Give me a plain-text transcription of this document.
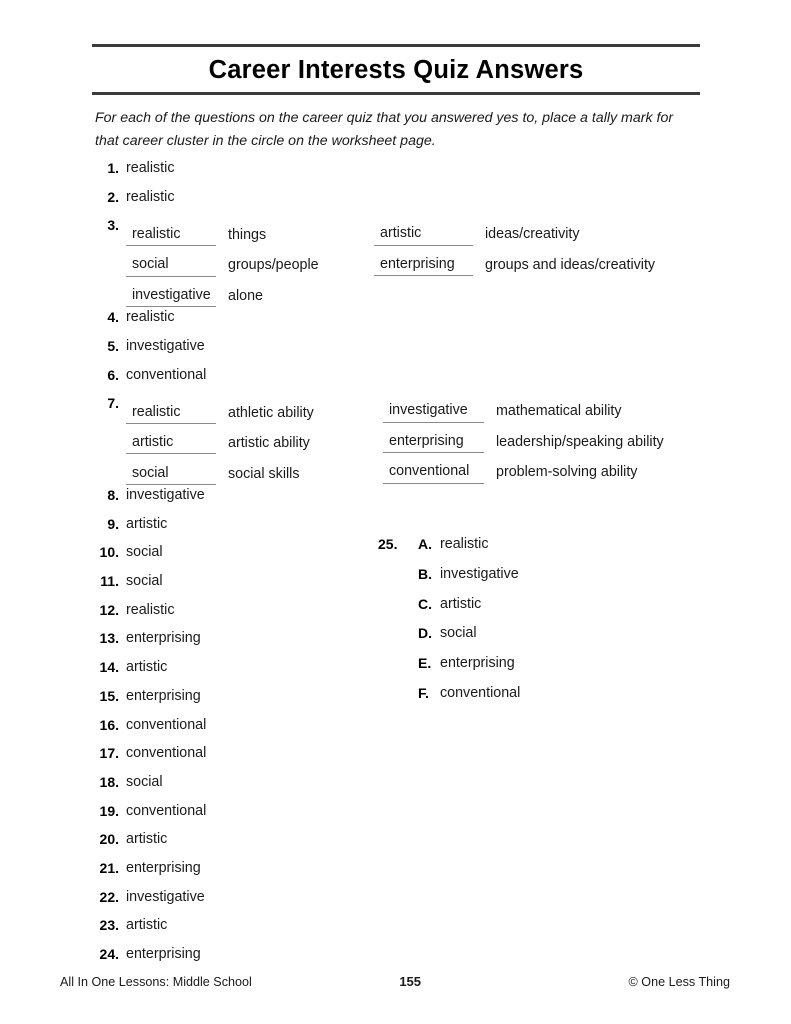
Career Interests Quiz Answers
For each of the questions on the career quiz that you answered yes to, place a tally mark for that career cluster in the circle on the worksheet page.
1. realistic
2. realistic
3.
realistic	things
social	groups/people
investigative	alone
4. realistic
5. investigative
6. conventional
7.
realistic	athletic ability
artistic	artistic ability
social	social skills
8. investigative
9. artistic
10. social
11. social
12. realistic
13. enterprising
14. artistic
15. enterprising
16. conventional
17. conventional
18. social
19. conventional
20. artistic
21. enterprising
22. investigative
23. artistic
24. enterprising
artistic	ideas/creativity
enterprising	groups and ideas/creativity
investigative	mathematical ability
enterprising	leadership/speaking ability
conventional	problem-solving ability
25.	A. realistic
B. investigative
C. artistic
D. social
E. enterprising
F. conventional
All In One Lessons: Middle School	155	© One Less Thing
